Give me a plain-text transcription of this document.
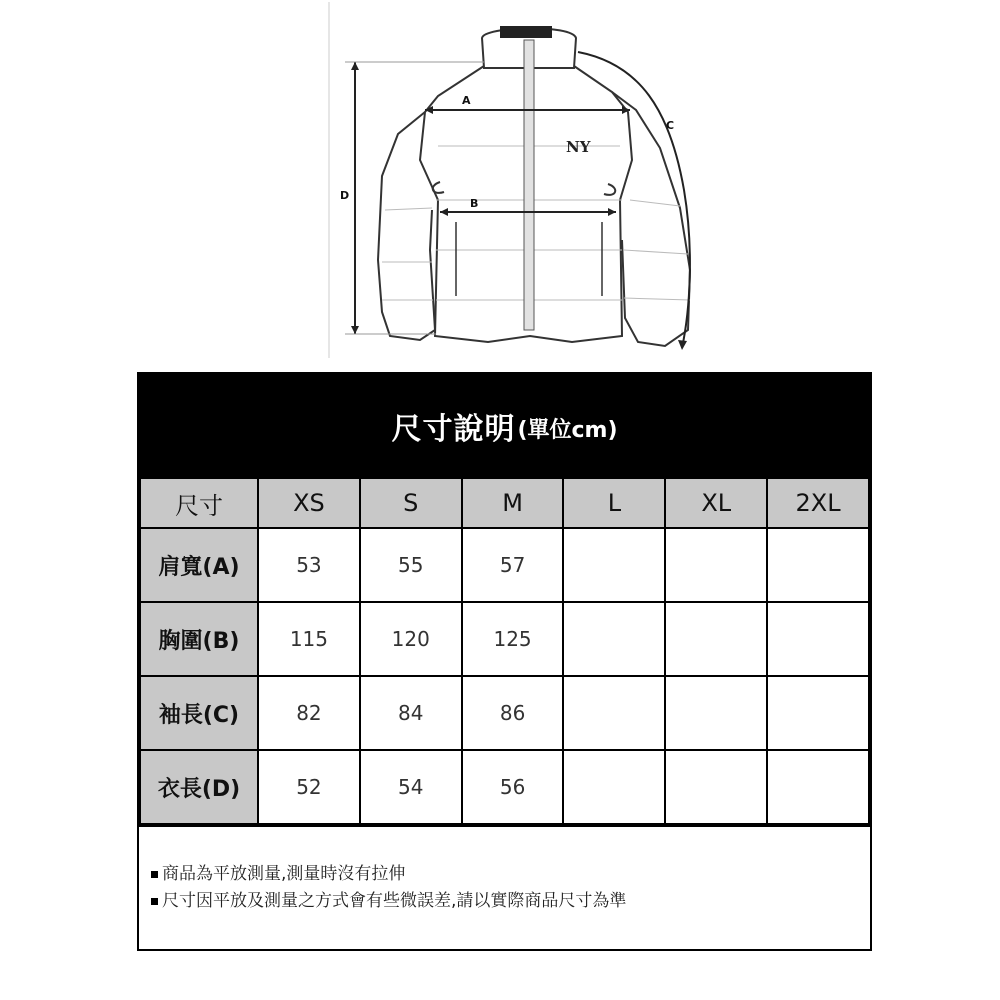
NY
A
B
C
D
尺寸說明 (單位cm)
尺寸	XS	S	M	L	XL	2XL
肩寬(A)	53	55	57			
胸圍(B)	115	120	125			
袖長(C)	82	84	86			
衣長(D)	52	54	56			
商品為平放測量,測量時沒有拉伸
尺寸因平放及測量之方式會有些微誤差,請以實際商品尺寸為準
